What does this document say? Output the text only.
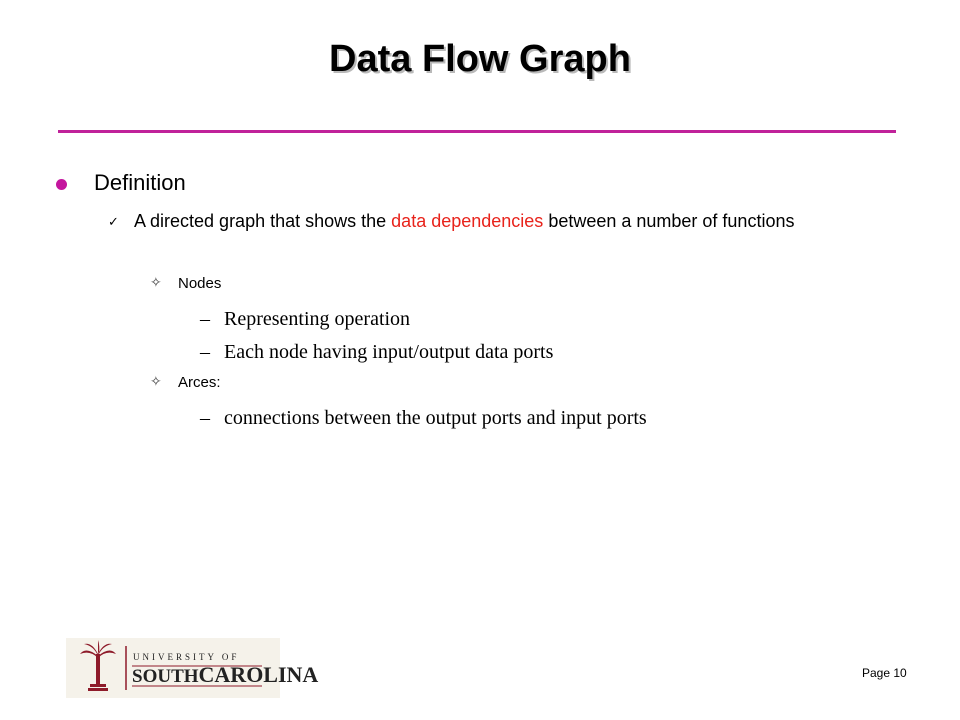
Data Flow Graph
Definition
✓ A directed graph that shows the data dependencies between a number of functions
✧ Nodes
– Representing operation
– Each node having input/output data ports
✧ Arces:
– connections between the output ports and input ports
UNIVERSITY OF
SOUTHCAROLINA	Page 10
